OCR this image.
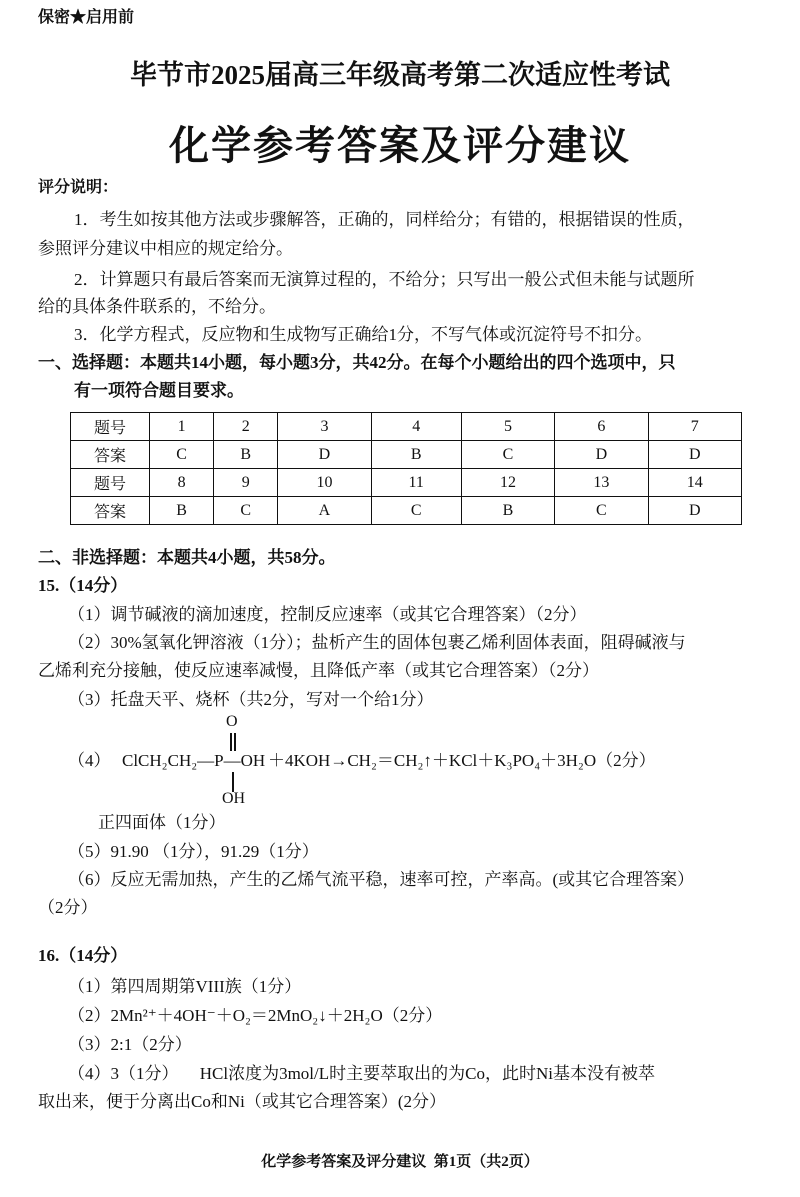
保密★启用前
毕节市2025届高三年级高考第二次适应性考试
化学参考答案及评分建议
评分说明：
1．考生如按其他方法或步骤解答，正确的，同样给分；有错的，根据错误的性质，
参照评分建议中相应的规定给分。
2．计算题只有最后答案而无演算过程的，不给分；只写出一般公式但未能与试题所
给的具体条件联系的，不给分。
3．化学方程式，反应物和生成物写正确给1分，不写气体或沉淀符号不扣分。
一、选择题：本题共14小题，每小题3分，共42分。在每个小题给出的四个选项中，只
有一项符合题目要求。
题号	1	2	3	4	5	6	7
答案	C	B	D	B	C	D	D
题号	8	9	10	11	12	13	14
答案	B	C	A	C	B	C	D
二、非选择题：本题共4小题，共58分。
15.（14分）
（1）调节碱液的滴加速度，控制反应速率（或其它合理答案）（2分）
（2）30%氢氧化钾溶液（1分）；盐析产生的固体包裹乙烯利固体表面，阻碍碱液与
乙烯利充分接触，使反应速率减慢，且降低产率（或其它合理答案）（2分）
（3）托盘天平、烧杯（共2分，写对一个给1分）
（4） ClCH₂CH₂—P—OH
O
OH
＋4KOH→CH₂＝CH₂↑＋KCl＋K₃PO₄＋3H₂O（2分）
正四面体（1分）
（5）91.90 （1分），91.29（1分）
（6）反应无需加热，产生的乙烯气流平稳，速率可控，产率高。(或其它合理答案）
（2分）
16.（14分）
（1）第四周期第VIII族（1分）
（2）2Mn²⁺＋4OH⁻＋O₂＝2MnO₂↓＋2H₂O（2分）
（3）2:1（2分）
（4）3（1分）     HCl浓度为3mol/L时主要萃取出的为Co，此时Ni基本没有被萃
取出来，便于分离出Co和Ni（或其它合理答案）(2分）
化学参考答案及评分建议  第1页（共2页）
